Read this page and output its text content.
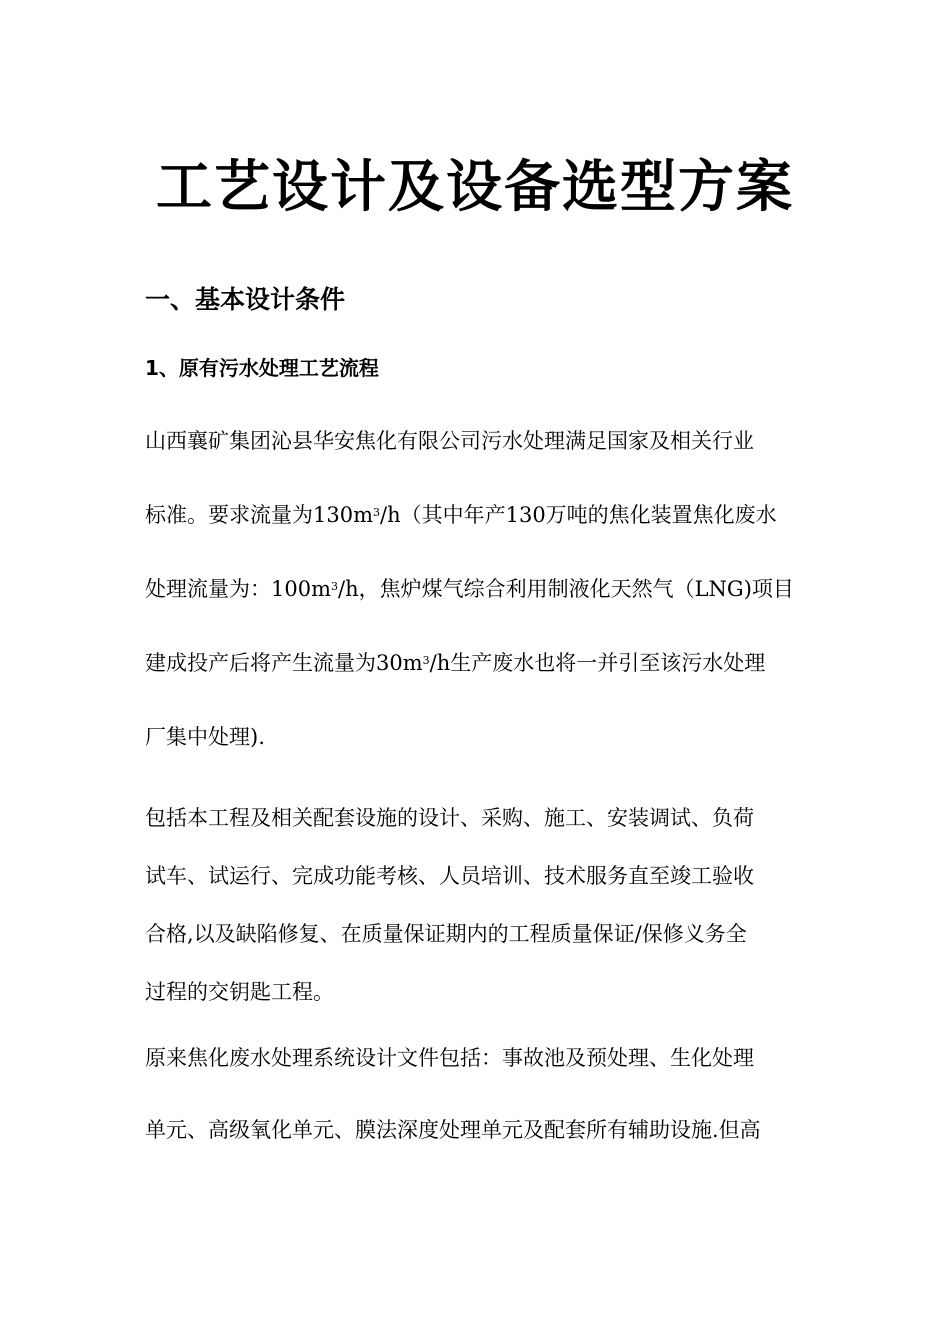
工艺设计及设备选型方案
一、基本设计条件
1、原有污水处理工艺流程
山西襄矿集团沁县华安焦化有限公司污水处理满足国家及相关行业
标准。要求流量为$130m^3/h$（其中年产130万吨的焦化装置焦化废水
处理流量为：$100m^3/h$，焦炉煤气综合利用制液化天然气（LNG)项目
建成投产后将产生流量为$30m^3/h$生产废水也将一并引至该污水处理
厂集中处理).
包括本工程及相关配套设施的设计、采购、施工、安装调试、负荷
试车、试运行、完成功能考核、人员培训、技术服务直至竣工验收
合格,以及缺陷修复、在质量保证期内的工程质量保证/保修义务全
过程的交钥匙工程。
原来焦化废水处理系统设计文件包括：事故池及预处理、生化处理
单元、高级氧化单元、膜法深度处理单元及配套所有辅助设施.但高
